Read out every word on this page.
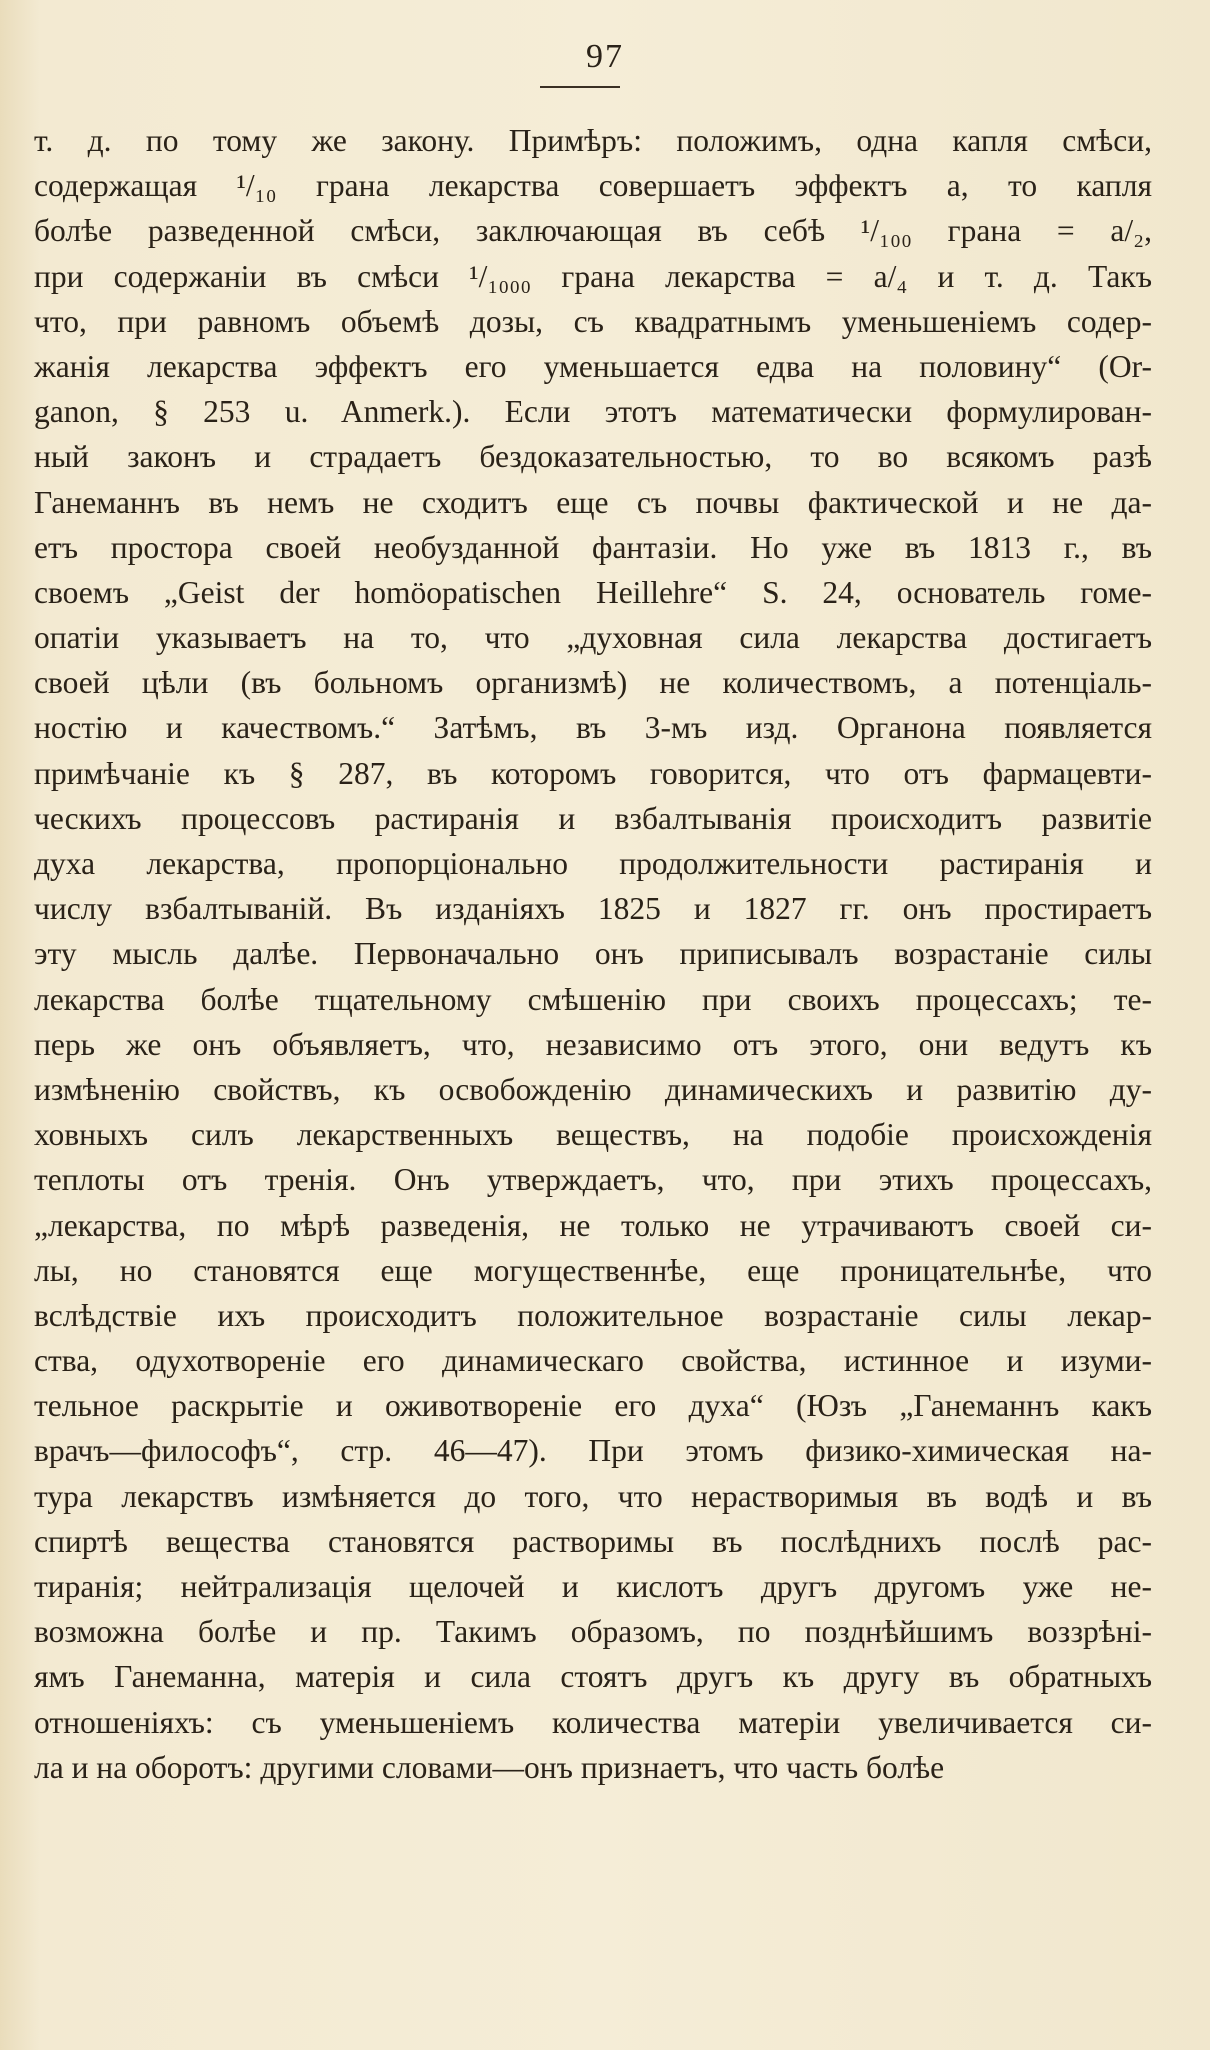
97
т. д. по тому же закону. Примѣръ: положимъ, одна капля смѣси,
содержащая ¹/₁₀ грана лекарства совершаетъ эффектъ a, то капля
болѣе разведенной смѣси, заключающая въ себѣ ¹/₁₀₀ грана = a/₂,
при содержаніи въ смѣси ¹/₁₀₀₀ грана лекарства = a/₄ и т. д. Такъ
что, при равномъ объемѣ дозы, съ квадратнымъ уменьшеніемъ содер-
жанія лекарства эффектъ его уменьшается едва на половину“ (Or-
ganon, § 253 u. Anmerk.). Если этотъ математически формулирован-
ный законъ и страдаетъ бездоказательностью, то во всякомъ разѣ
Ганеманнъ въ немъ не сходитъ еще съ почвы фактической и не да-
етъ простора своей необузданной фантазіи. Но уже въ 1813 г., въ
своемъ „Geist der homöopatischen Heillehre“ S. 24, основатель гоме-
опатіи указываетъ на то, что „духовная сила лекарства достигаетъ
своей цѣли (въ больномъ организмѣ) не количествомъ, а потенціаль-
ностію и качествомъ.“ Затѣмъ, въ 3-мъ изд. Органона появляется
примѣчаніе къ § 287, въ которомъ говорится, что отъ фармацевти-
ческихъ процессовъ растиранія и взбалтыванія происходитъ развитіе
духа лекарства, пропорціонально продолжительности растиранія и
числу взбалтываній. Въ изданіяхъ 1825 и 1827 гг. онъ простираетъ
эту мысль далѣе. Первоначально онъ приписывалъ возрастаніе силы
лекарства болѣе тщательному смѣшенію при своихъ процессахъ; те-
перь же онъ объявляетъ, что, независимо отъ этого, они ведутъ къ
измѣненію свойствъ, къ освобожденію динамическихъ и развитію ду-
ховныхъ силъ лекарственныхъ веществъ, на подобіе происхожденія
теплоты отъ тренія. Онъ утверждаетъ, что, при этихъ процессахъ,
„лекарства, по мѣрѣ разведенія, не только не утрачиваютъ своей си-
лы, но становятся еще могущественнѣе, еще проницательнѣе, что
вслѣдствіе ихъ происходитъ положительное возрастаніе силы лекар-
ства, одухотвореніе его динамическаго свойства, истинное и изуми-
тельное раскрытіе и оживотвореніе его духа“ (Юзъ „Ганеманнъ какъ
врачъ—философъ“, стр. 46—47). При этомъ физико-химическая на-
тура лекарствъ измѣняется до того, что нерастворимыя въ водѣ и въ
спиртѣ вещества становятся растворимы въ послѣднихъ послѣ рас-
тиранія; нейтрализація щелочей и кислотъ другъ другомъ уже не-
возможна болѣе и пр. Такимъ образомъ, по позднѣйшимъ воззрѣні-
ямъ Ганеманна, матерія и сила стоятъ другъ къ другу въ обратныхъ
отношеніяхъ: съ уменьшеніемъ количества матеріи увеличивается си-
ла и на оборотъ: другими словами—онъ признаетъ, что часть болѣе
